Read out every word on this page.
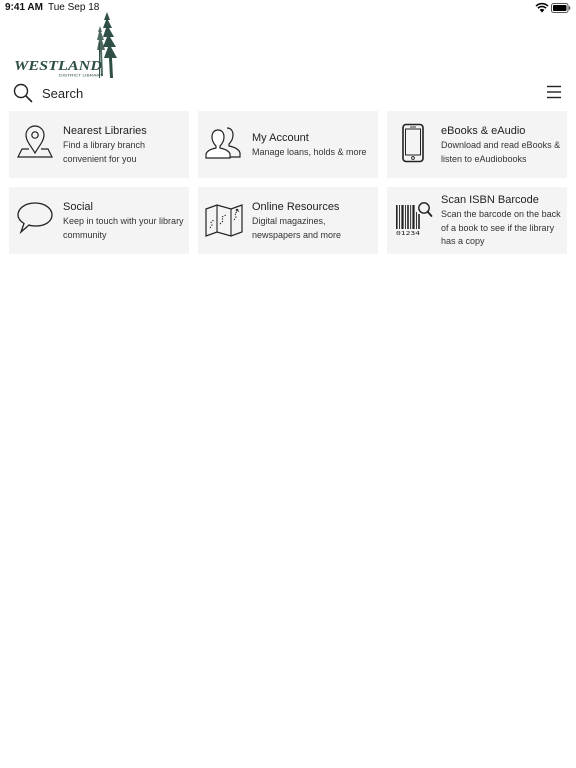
9:41 AM Tue Sep 18
WESTLAND
DISTRICT LIBRARY
Search
Nearest Libraries
Find a library branch convenient for you
My Account
Manage loans, holds & more
eBooks & eAudio
Download and read eBooks & listen to eAudiobooks
Social
Keep in touch with your library community
Online Resources
Digital magazines, newspapers and more	01234
Scan ISBN Barcode
Scan the barcode on the back of a book to see if the library has a copy
